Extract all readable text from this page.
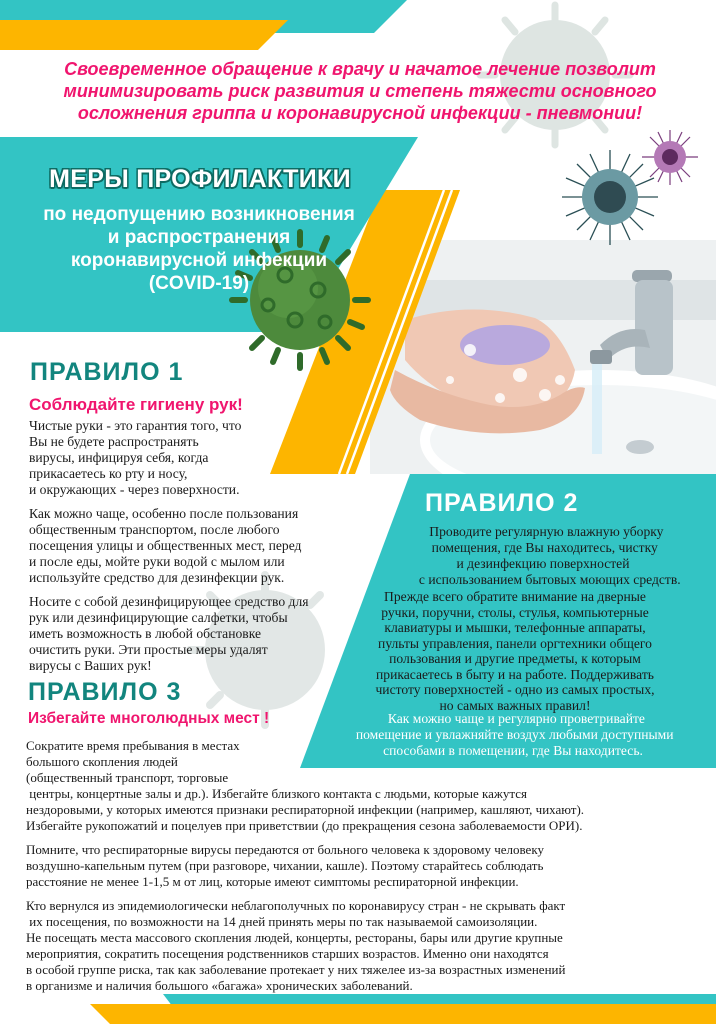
Своевременное обращение к врачу и начатое лечение позволит
минимизировать риск развития и степень тяжести основного
осложнения гриппа и коронавирусной инфекции - пневмонии!
МЕРЫ ПРОФИЛАКТИКИ
по недопущению возникновения
и распространения
коронавирусной инфекции
(COVID-19)
ПРАВИЛО 1
Соблюдайте гигиену рук!

Чистые руки - это гарантия того, что
Вы не будете распространять
вирусы, инфицируя себя, когда
прикасаетесь ко рту и носу,
и окружающих - через поверхности.

Как можно чаще, особенно после пользования
общественным транспортом, после любого
посещения улицы и общественных мест, перед
и после еды, мойте руки водой с мылом или
используйте средство для дезинфекции рук.

Носите с собой дезинфицирующее средство для
рук или дезинфицирующие салфетки, чтобы
иметь возможность в любой обстановке
очистить руки. Эти простые меры удалят
вирусы с Ваших рук!

ПРАВИЛО 2
Проводите регулярную влажную уборку
помещения, где Вы находитесь, чистку
и дезинфекцию поверхностей
с использованием бытовых моющих средств.
Прежде всего обратите внимание на дверные
ручки, поручни, столы, стулья, компьютерные
клавиатуры и мышки, телефонные аппараты,
пульты управления, панели оргтехники общего
пользования и другие предметы, к которым
прикасаетесь в быту и на работе. Поддерживать
чистоту поверхностей - одно из самых простых,
но самых важных правил!
Как можно чаще и регулярно проветривайте
помещение и увлажняйте воздух любыми доступными
способами в помещении, где Вы находитесь.
ПРАВИЛО 3
Избегайте многолюдных мест !
Сократите время пребывания в местах
большого скопления людей
(общественный транспорт, торговые

центры, концертные залы и др.). Избегайте близкого контакта с людьми, которые кажутся
нездоровыми, у которых имеются признаки респираторной инфекции (например, кашляют, чихают).
Избегайте рукопожатий и поцелуев при приветствии (до прекращения сезона заболеваемости ОРИ).

Помните, что респираторные вирусы передаются от больного человека к здоровому человеку
воздушно-капельным путем (при разговоре, чихании, кашле). Поэтому старайтесь соблюдать
расстояние не менее 1-1,5 м от лиц, которые имеют симптомы респираторной инфекции.

Кто вернулся из эпидемиологически неблагополучных по коронавирусу стран - не скрывать факт
их посещения, по возможности на 14 дней принять меры по так называемой самоизоляции.
Не посещать места массового скопления людей, концерты, рестораны, бары или другие крупные
мероприятия, сократить посещения родственников старших возрастов. Именно они находятся
в особой группе риска, так как заболевание протекает у них тяжелее из-за возрастных изменений
в организме и наличия большого «багажа» хронических заболеваний.
